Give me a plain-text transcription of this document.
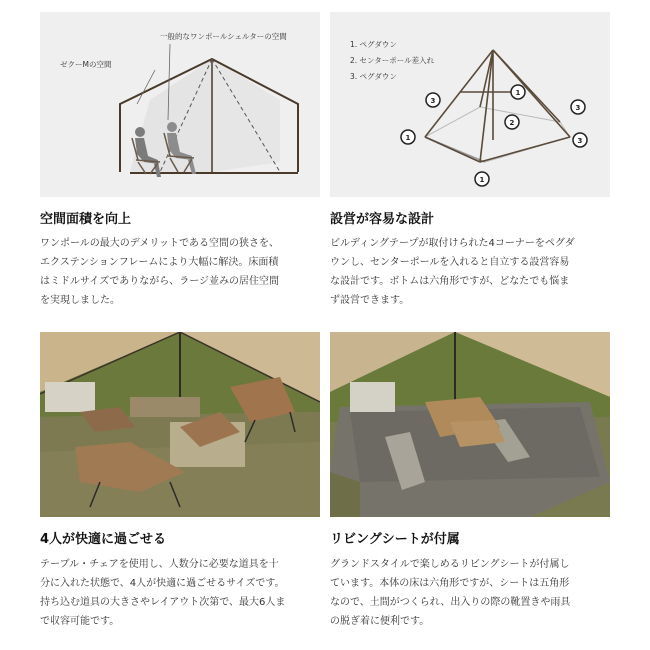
一般的なワンポールシェルターの空間
ゼクーMの空間
1. ペグダウン
2. センターポール差入れ
3. ペグダウン
1
1
1
2
3
3
3
空間面積を向上
ワンポールの最大のデメリットである空間の狭さを、
エクステンションフレームにより大幅に解決。床面積
はミドルサイズでありながら、ラージ並みの居住空間
を実現しました。
設営が容易な設計
ビルディングテープが取付けられた4コーナーをペグダ
ウンし、センターポールを入れると自立する設営容易
な設計です。ボトムは六角形ですが、どなたでも悩ま
ず設営できます。
4人が快適に過ごせる
テーブル・チェアを使用し、人数分に必要な道具を十
分に入れた状態で、4人が快適に過ごせるサイズです。
持ち込む道具の大きさやレイアウト次第で、最大6人ま
で収容可能です。
リビングシートが付属
グランドスタイルで楽しめるリビングシートが付属し
ています。本体の床は六角形ですが、シートは五角形
なので、土間がつくられ、出入りの際の靴置きや雨具
の脱ぎ着に便利です。
